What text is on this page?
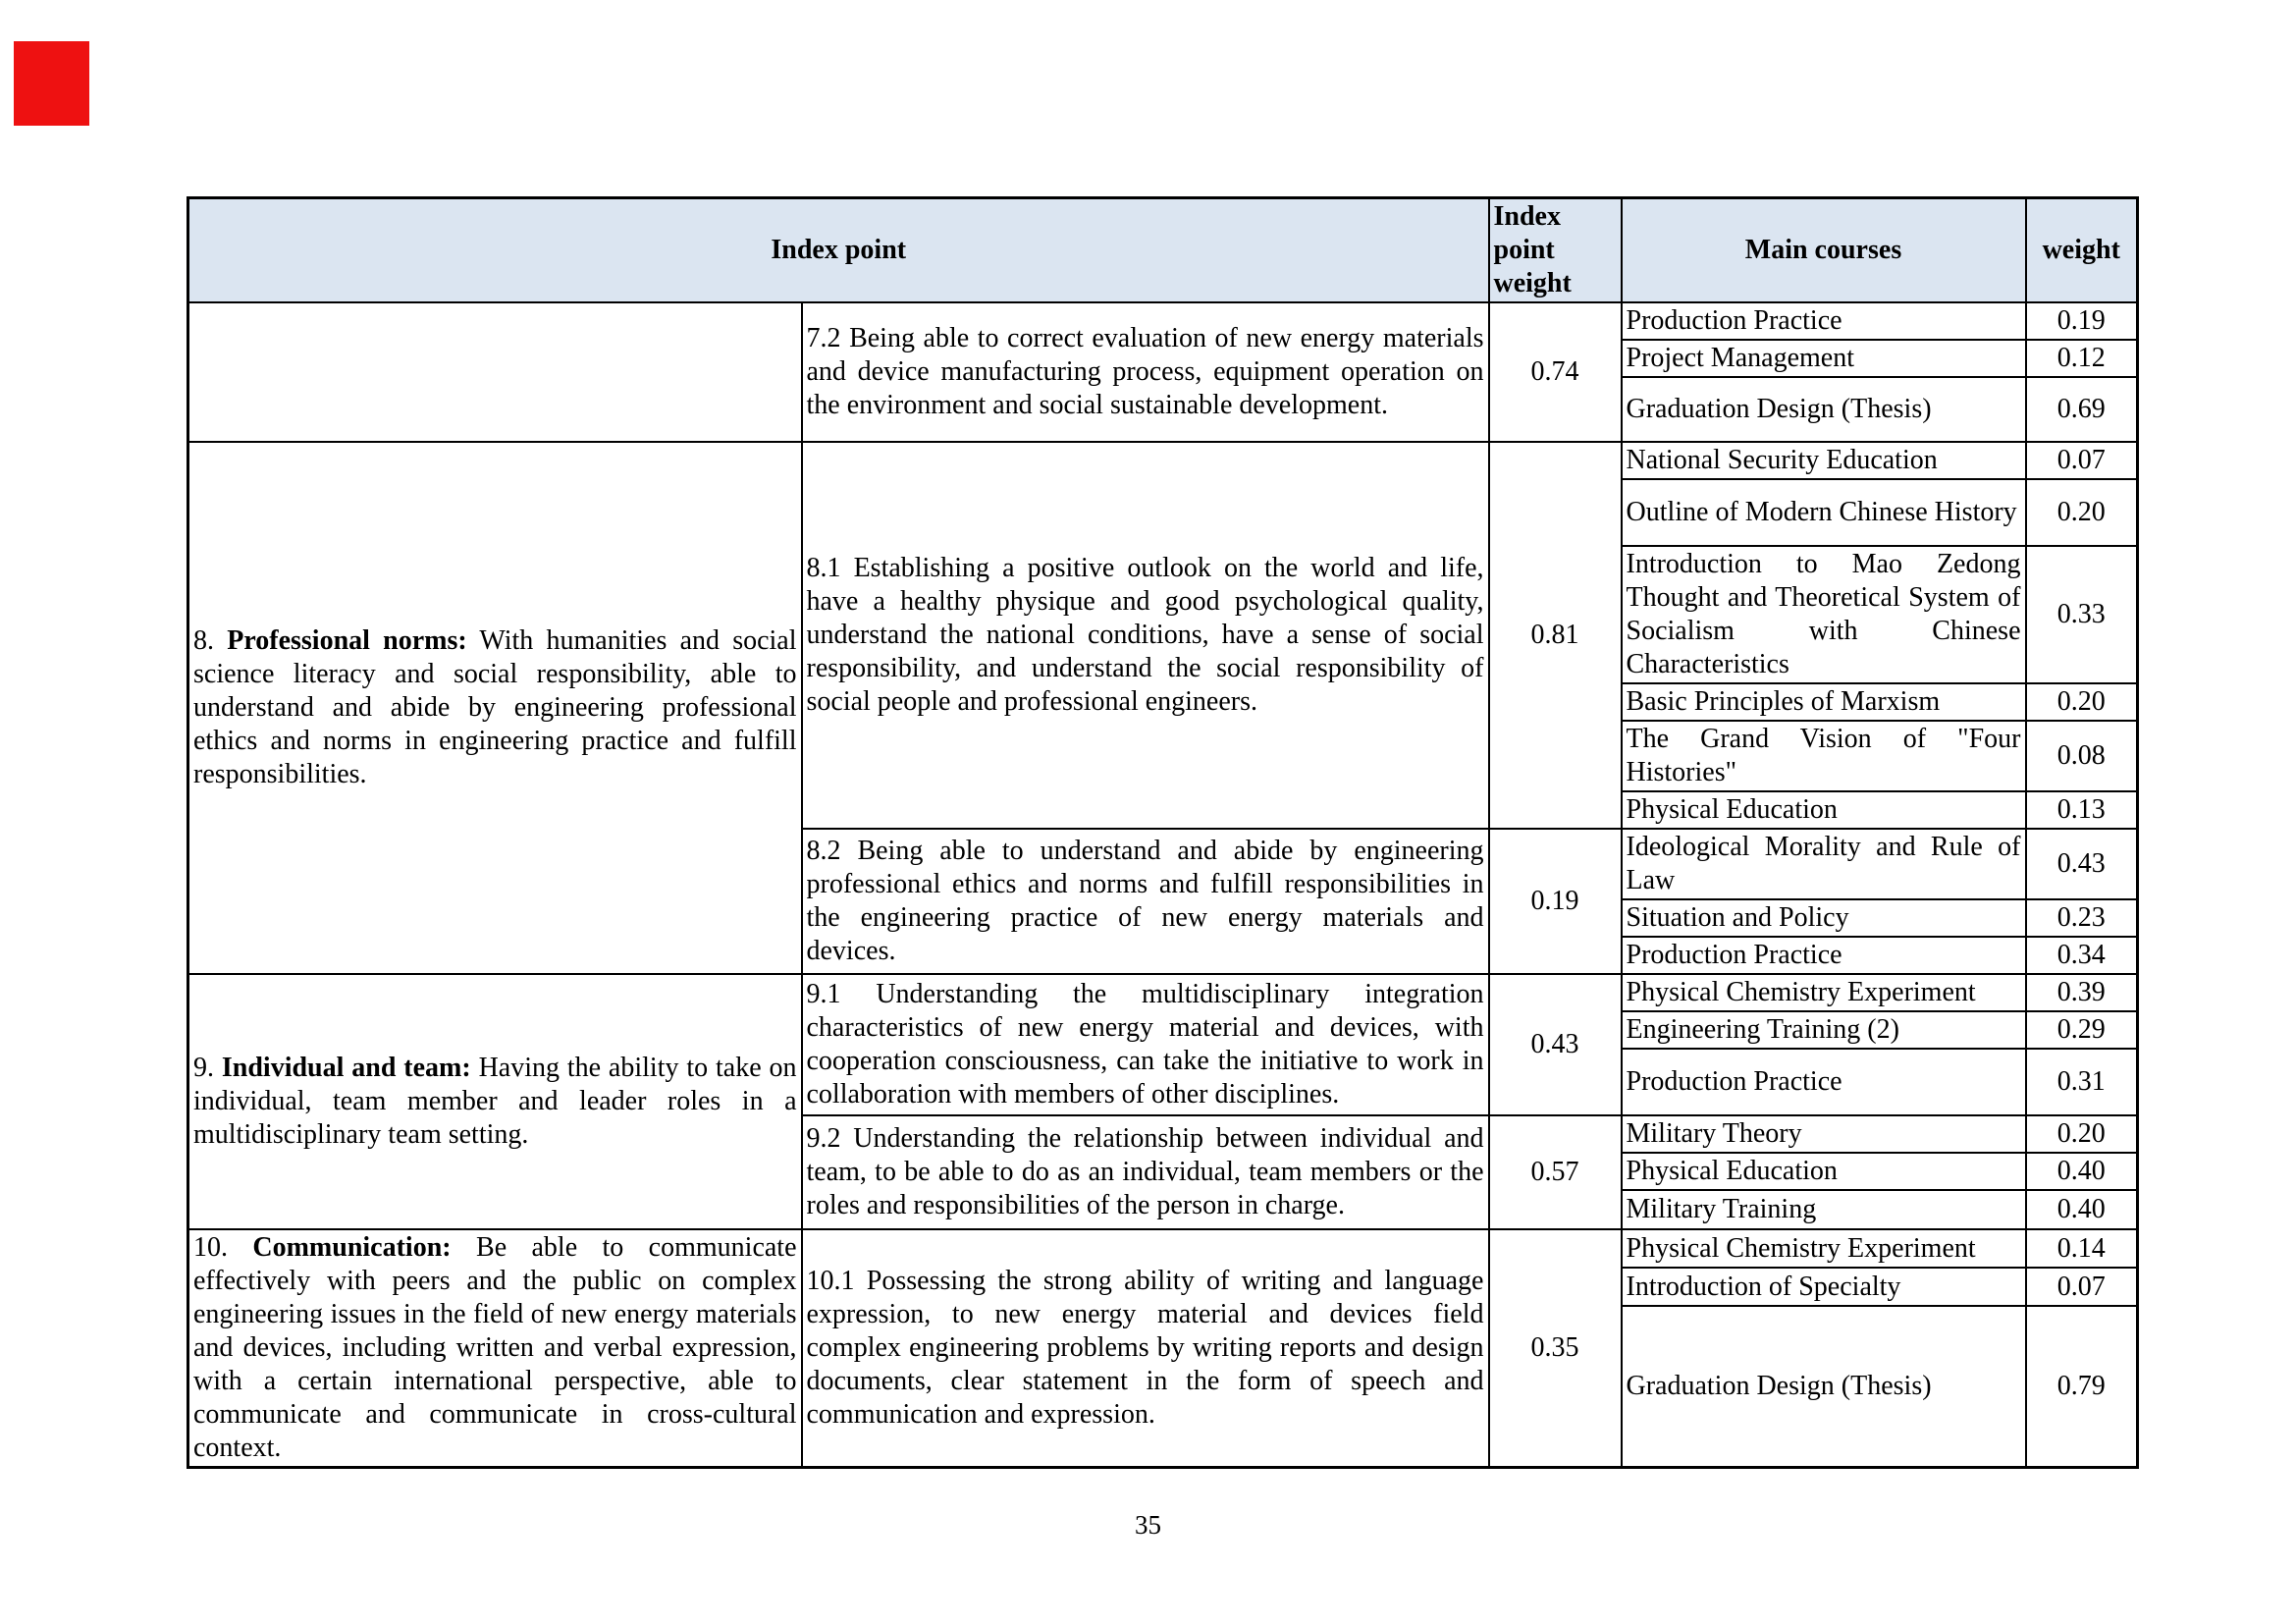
Index point		Index point weight	Main courses	weight
	7.2 Being able to correct evaluation of new energy materials and device manufacturing process, equipment operation on the environment and social sustainable development.	0.74	Production Practice	0.19
			Project Management	0.12
			Graduation Design (Thesis)	0.69
8. Professional norms: With humanities and social science literacy and social responsibility, able to understand and abide by engineering professional ethics and norms in engineering practice and fulfill responsibilities.	8.1 Establishing a positive outlook on the world and life, have a healthy physique and good psychological quality, understand the national conditions, have a sense of social responsibility, and understand the social responsibility of social people and professional engineers.	0.81	National Security Education	0.07
			Outline of Modern Chinese History	0.20
			Introduction to Mao Zedong Thought and Theoretical System of Socialism with Chinese Characteristics	0.33
			Basic Principles of Marxism	0.20
			The Grand Vision of "Four Histories"	0.08
			Physical Education	0.13
	8.2 Being able to understand and abide by engineering professional ethics and norms and fulfill responsibilities in the engineering practice of new energy materials and devices.	0.19	Ideological Morality and Rule of Law	0.43
			Situation and Policy	0.23
			Production Practice	0.34
9. Individual and team: Having the ability to take on individual, team member and leader roles in a multidisciplinary team setting.	9.1 Understanding the multidisciplinary integration characteristics of new energy material and devices, with cooperation consciousness, can take the initiative to work in collaboration with members of other disciplines.	0.43	Physical Chemistry Experiment	0.39
			Engineering Training (2)	0.29
			Production Practice	0.31
	9.2 Understanding the relationship between individual and team, to be able to do as an individual, team members or the roles and responsibilities of the person in charge.	0.57	Military Theory	0.20
			Physical Education	0.40
			Military Training	0.40
10. Communication: Be able to communicate effectively with peers and the public on complex engineering issues in the field of new energy materials and devices, including written and verbal expression, with a certain international perspective, able to communicate and communicate in cross-cultural context.	10.1 Possessing the strong ability of writing and language expression, to new energy material and devices field complex engineering problems by writing reports and design documents, clear statement in the form of speech and communication and expression.	0.35	Physical Chemistry Experiment	0.14
			Introduction of Specialty	0.07
			Graduation Design (Thesis)	0.79
35
